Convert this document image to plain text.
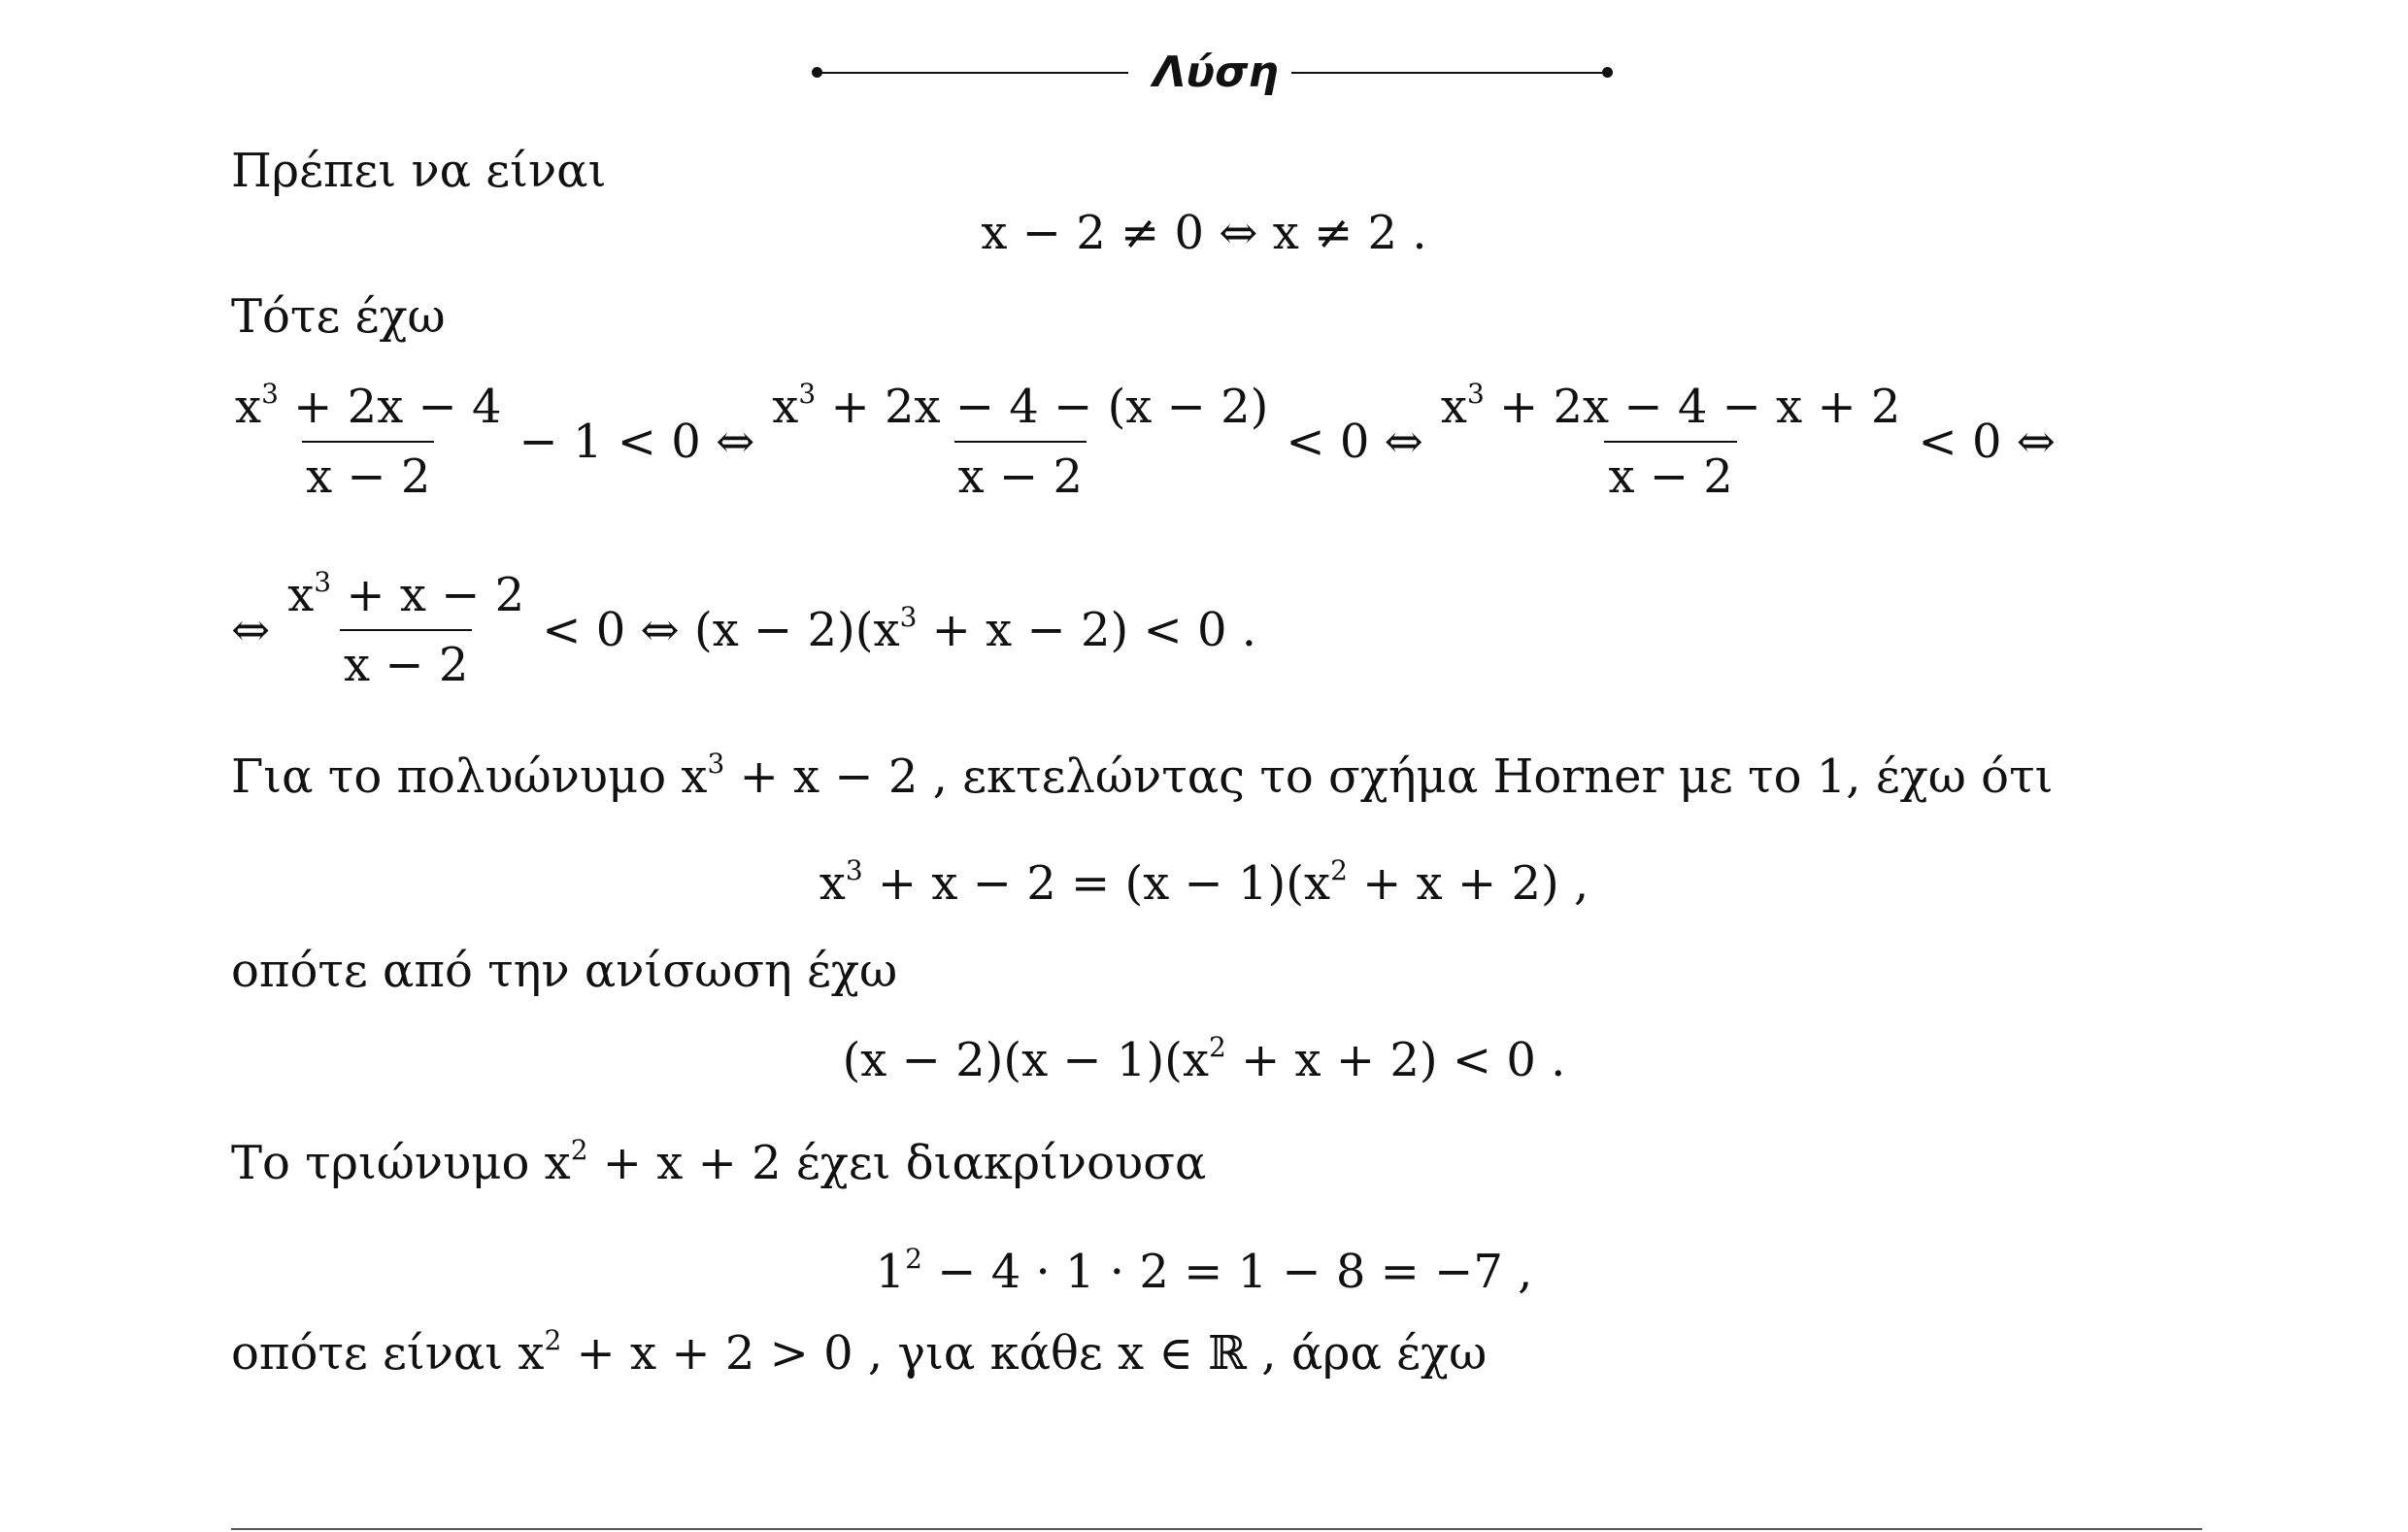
Λύση
Πρέπει να είναι
x − 2 ≠ 0 ⇔ x ≠ 2 .
Τότε έχω
$\frac{x^3 + 2x - 4}{x - 2} - 1 < 0$ ⇔ $\frac{x^3 + 2x - 4 - (x - 2)}{x - 2} < 0$ ⇔ $\frac{x^3 + 2x - 4 - x + 2}{x - 2} < 0$ ⇔
⇔ $\frac{x^3 + x - 2}{x - 2} < 0$ ⇔ $(x - 2)(x^3 + x - 2) < 0$ .
Για το πολυώνυμο $x^3 + x - 2$ , εκτελώντας το σχήμα Horner με το 1, έχω ότι
$x^3 + x - 2 = (x - 1)(x^2 + x + 2)$ ,
οπότε από την ανίσωση έχω
$(x - 2)(x - 1)(x^2 + x + 2) < 0$ .
Το τριώνυμο $x^2 + x + 2$ έχει διακρίνουσα
$1^2 - 4 \cdot 1 \cdot 2 = 1 - 8 = -7$ ,
οπότε είναι $x^2 + x + 2 > 0$ , για κάθε x ∈ ℝ , άρα έχω
